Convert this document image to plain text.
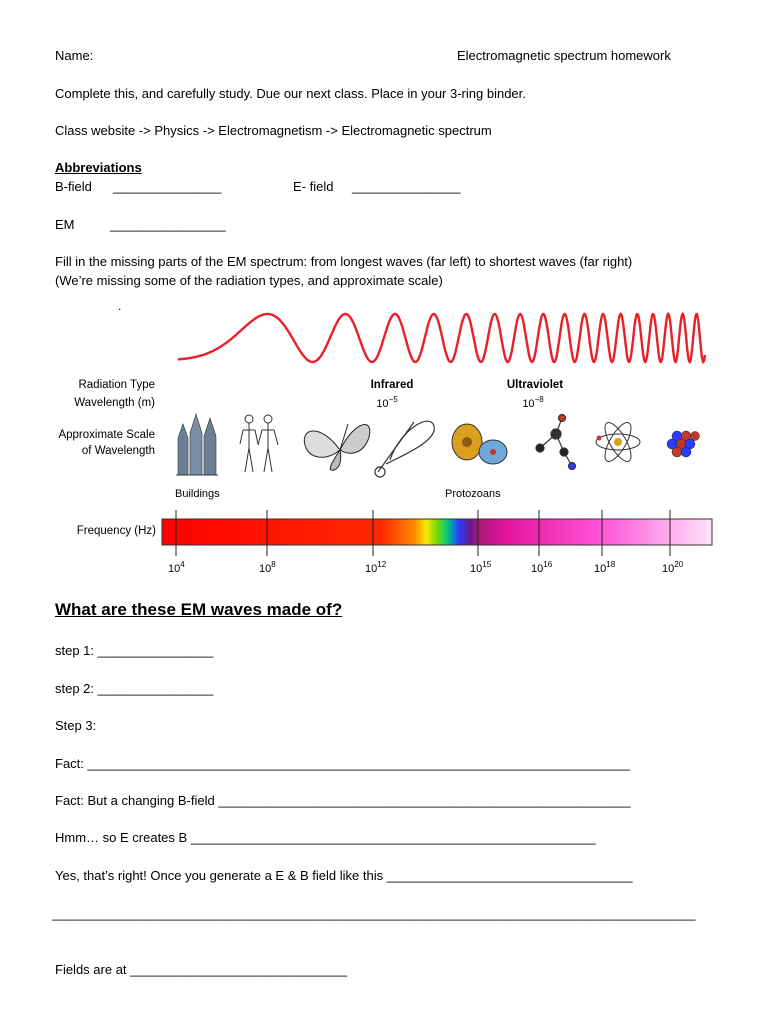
Name:	Electromagnetic spectrum homework
Complete this, and carefully study. Due our next class. Place in your 3-ring binder.
Class website -> Physics -> Electromagnetism -> Electromagnetic spectrum
Abbreviations
B-field _______________	E- field _______________
EM	________________
Fill in the missing parts of the EM spectrum: from longest waves (far left) to shortest waves (far right)
(We’re missing some of the radiation types, and approximate scale)
.
Radiation Type
Wavelength (m)
Approximate Scale
of Wavelength
Infrared
$10^{-5}$
Ultraviolet
$10^{-8}$
Buildings	Protozoans
Frequency (Hz)
$10^4$	$10^8$	$10^{12}$	$10^{15}$	$10^{16}$	$10^{18}$	$10^{20}$
What are these EM waves made of?
step 1: ________________
step 2: ________________
Step 3:
Fact: ___________________________________________________________________________
Fact: But a changing B-field _________________________________________________________
Hmm… so E creates B ________________________________________________________
Yes, that’s right! Once you generate a E & B field like this __________________________________
_________________________________________________________________________________________
Fields are at ______________________________
